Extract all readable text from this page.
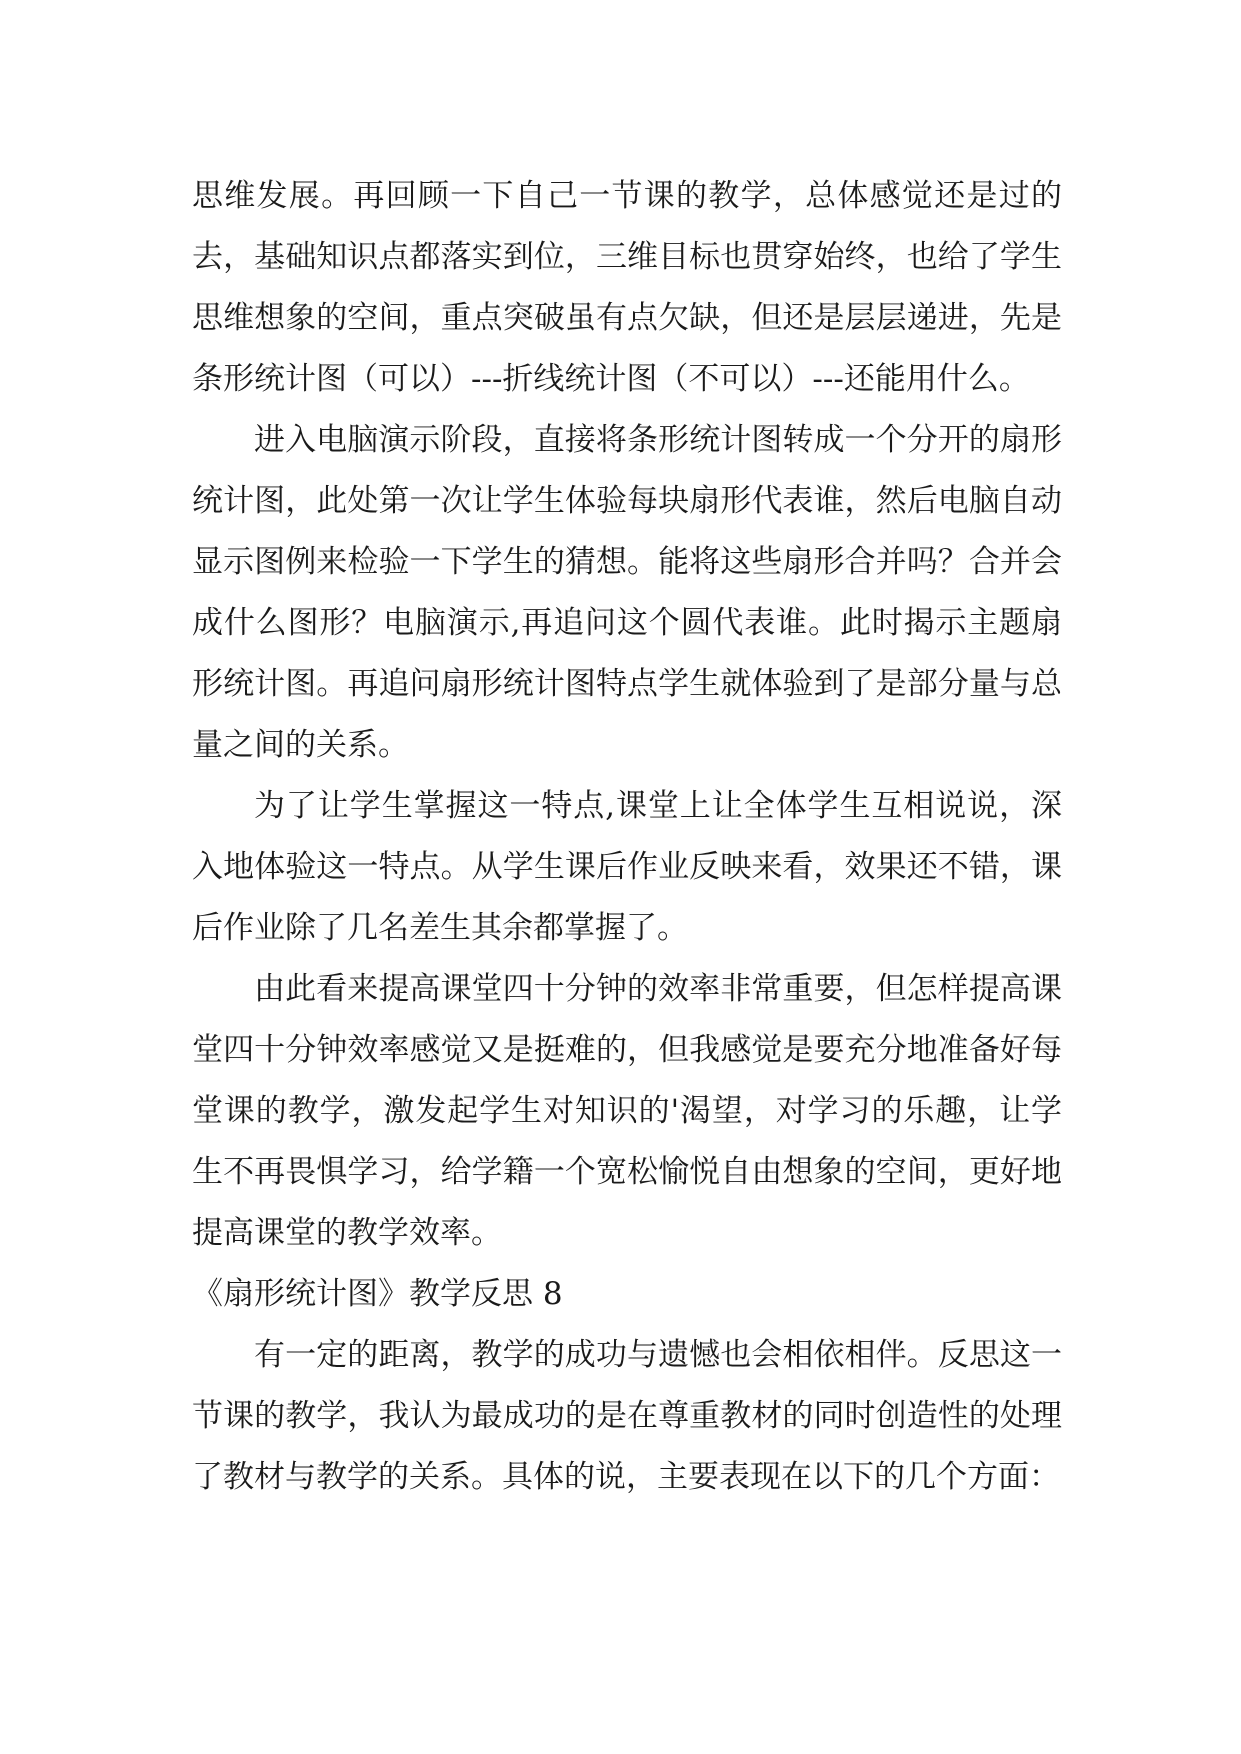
思维发展。再回顾一下自己一节课的教学，总体感觉还是过的去，基础知识点都落实到位，三维目标也贯穿始终，也给了学生思维想象的空间，重点突破虽有点欠缺，但还是层层递进，先是条形统计图（可以）---折线统计图（不可以）---还能用什么。

进入电脑演示阶段，直接将条形统计图转成一个分开的扇形统计图，此处第一次让学生体验每块扇形代表谁，然后电脑自动显示图例来检验一下学生的猜想。能将这些扇形合并吗？合并会成什么图形？电脑演示,再追问这个圆代表谁。此时揭示主题扇形统计图。再追问扇形统计图特点学生就体验到了是部分量与总量之间的关系。

为了让学生掌握这一特点,课堂上让全体学生互相说说，深入地体验这一特点。从学生课后作业反映来看，效果还不错，课后作业除了几名差生其余都掌握了。

由此看来提高课堂四十分钟的效率非常重要，但怎样提高课堂四十分钟效率感觉又是挺难的，但我感觉是要充分地准备好每堂课的教学，激发起学生对知识的'渴望，对学习的乐趣，让学生不再畏惧学习，给学籍一个宽松愉悦自由想象的空间，更好地提高课堂的教学效率。

《扇形统计图》教学反思 8

有一定的距离，教学的成功与遗憾也会相依相伴。反思这一节课的教学，我认为最成功的是在尊重教材的同时创造性的处理了教材与教学的关系。具体的说，主要表现在以下的几个方面：
